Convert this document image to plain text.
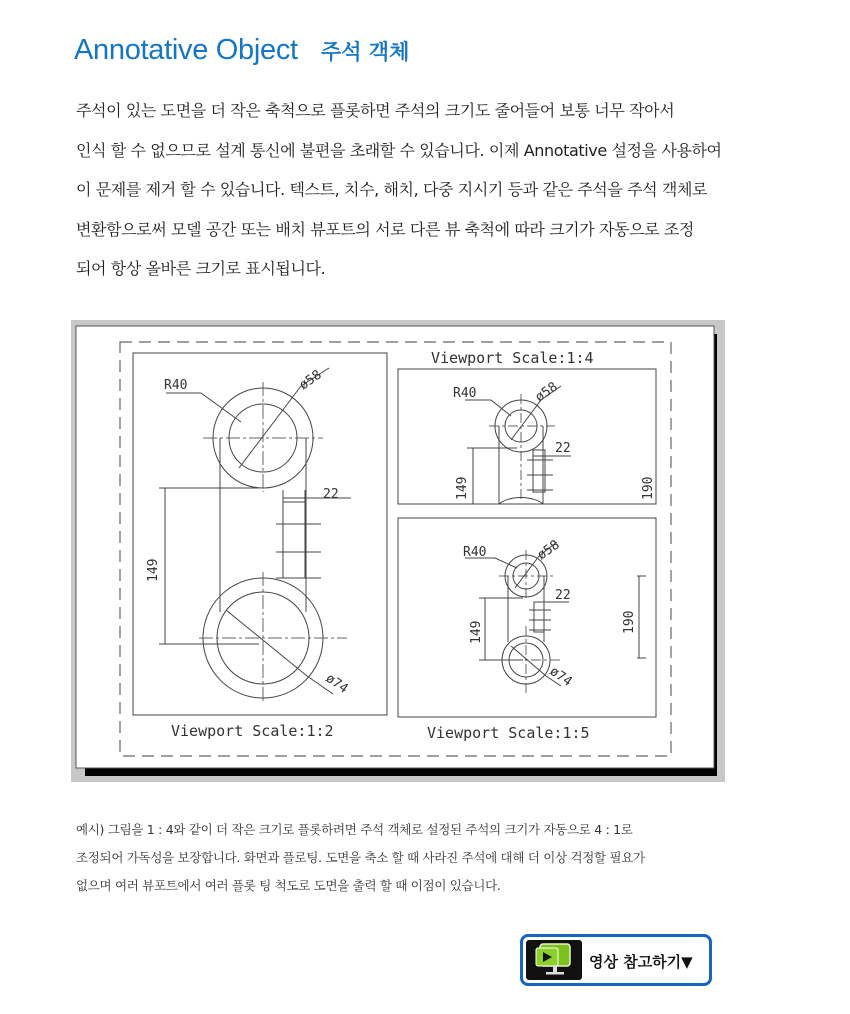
Annotative Object 주석 객체
주석이 있는 도면을 더 작은 축척으로 플롯하면 주석의 크기도 줄어들어 보통 너무 작아서
인식 할 수 없으므로 설계 통신에 불편을 초래할 수 있습니다. 이제 Annotative 설정을 사용하여
이 문제를 제거 할 수 있습니다. 텍스트, 치수, 해치, 다중 지시기 등과 같은 주석을 주석 객체로
변환함으로써 모델 공간 또는 배치 뷰포트의 서로 다른 뷰 축척에 따라 크기가 자동으로 조정
되어 항상 올바른 크기로 표시됩니다.
R40	ø58
22
149
ø74
Viewport Scale:1:2
Viewport Scale:1:4
R40	ø58
22
149	190
R40	ø58
22
149	190
ø74
Viewport Scale:1:5
예시) 그림을 1 : 4와 같이 더 작은 크기로 플롯하려면 주석 객체로 설정된 주석의 크기가 자동으로 4 : 1로
조정되어 가독성을 보장합니다. 화면과 플로팅. 도면을 축소 할 때 사라진 주석에 대해 더 이상 걱정할 필요가
없으며 여러 뷰포트에서 여러 플롯 팅 척도로 도면을 출력 할 때 이점이 있습니다.
영상 참고하기▼
